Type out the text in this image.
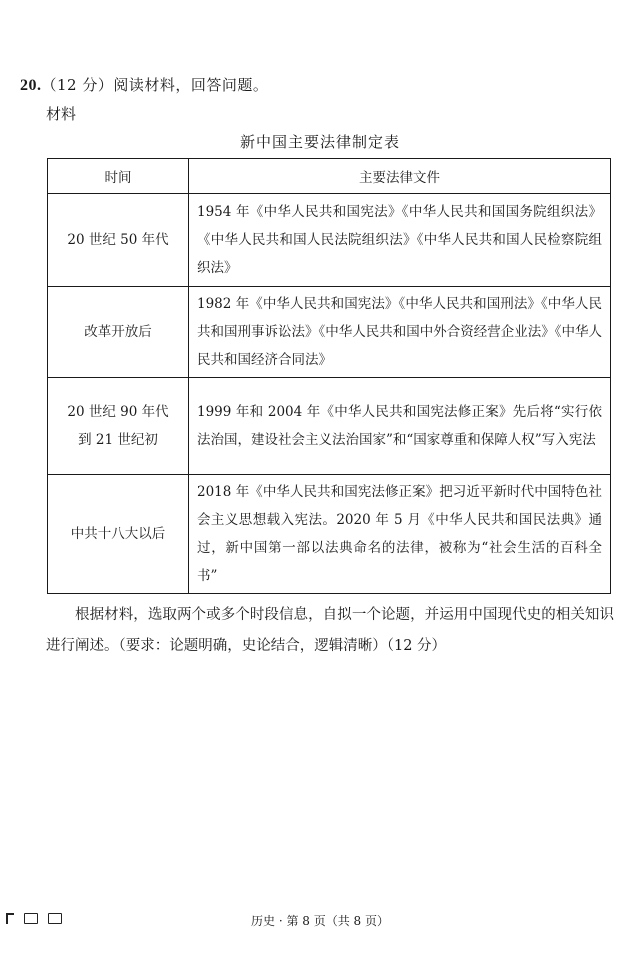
20.（12 分）阅读材料，回答问题。
材料
新中国主要法律制定表
时间	主要法律文件
20 世纪 50 年代	1954 年《中华人民共和国宪法》《中华人民共和国国务院组织法》《中华人民共和国人民法院组织法》《中华人民共和国人民检察院组织法》
改革开放后	1982 年《中华人民共和国宪法》《中华人民共和国刑法》《中华人民共和国刑事诉讼法》《中华人民共和国中外合资经营企业法》《中华人民共和国经济合同法》
20 世纪 90 年代到 21 世纪初	1999 年和 2004 年《中华人民共和国宪法修正案》先后将“实行依法治国，建设社会主义法治国家”和“国家尊重和保障人权”写入宪法
中共十八大以后	2018 年《中华人民共和国宪法修正案》把习近平新时代中国特色社会主义思想载入宪法。2020 年 5 月《中华人民共和国民法典》通过，新中国第一部以法典命名的法律，被称为“社会生活的百科全书”
根据材料，选取两个或多个时段信息，自拟一个论题，并运用中国现代史的相关知识进行阐述。（要求：论题明确，史论结合，逻辑清晰）（12 分）
历史 · 第 8 页（共 8 页）
